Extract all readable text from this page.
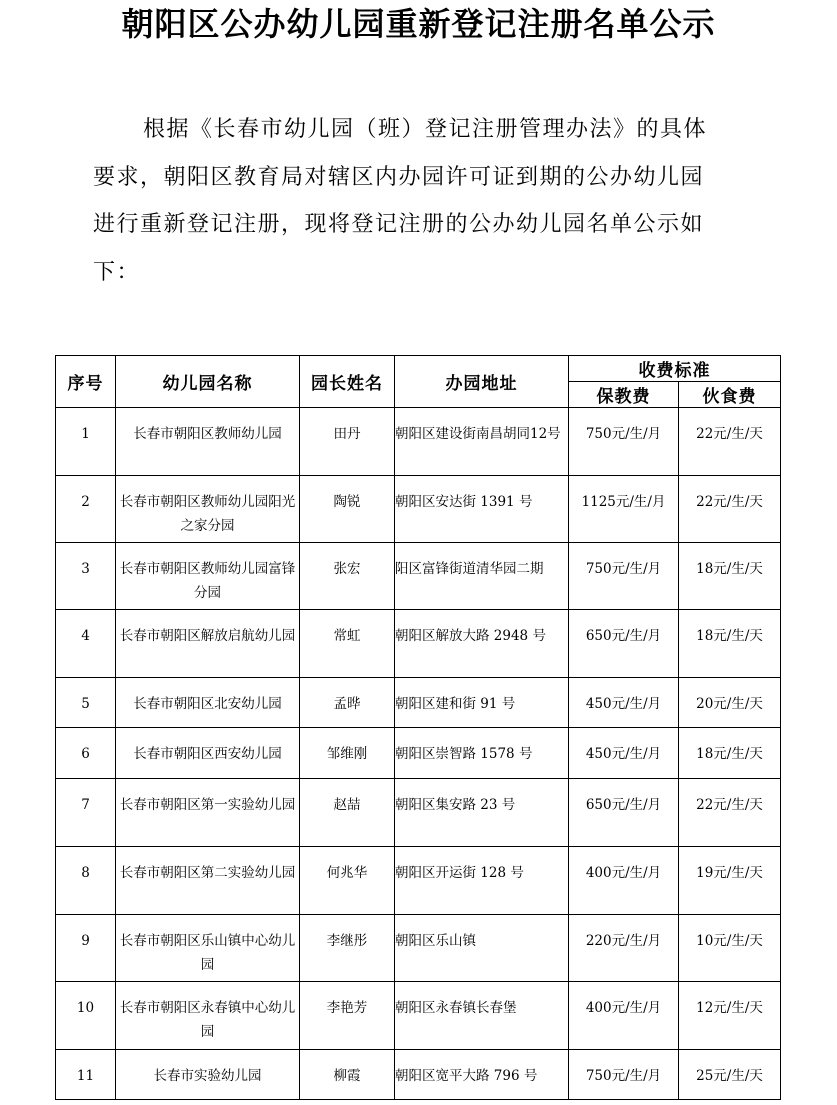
朝阳区公办幼儿园重新登记注册名单公示
根据《长春市幼儿园（班）登记注册管理办法》的具体
要求，朝阳区教育局对辖区内办园许可证到期的公办幼儿园
进行重新登记注册，现将登记注册的公办幼儿园名单公示如
下：
序号	幼儿园名称	园长姓名	办园地址	收费标准	
				保教费	伙食费
1	长春市朝阳区教师幼儿园	田丹	朝阳区建设街南昌胡同12号	750元/生/月	22元/生/天
2	长春市朝阳区教师幼儿园阳光之家分园	陶锐	朝阳区安达街 1391 号	1125元/生/月	22元/生/天
3	长春市朝阳区教师幼儿园富锋分园	张宏	阳区富锋街道清华园二期	750元/生/月	18元/生/天
4	长春市朝阳区解放启航幼儿园	常虹	朝阳区解放大路 2948 号	650元/生/月	18元/生/天
5	长春市朝阳区北安幼儿园	孟晔	朝阳区建和街 91 号	450元/生/月	20元/生/天
6	长春市朝阳区西安幼儿园	邹维刚	朝阳区崇智路 1578 号	450元/生/月	18元/生/天
7	长春市朝阳区第一实验幼儿园	赵喆	朝阳区集安路 23 号	650元/生/月	22元/生/天
8	长春市朝阳区第二实验幼儿园	何兆华	朝阳区开运街 128 号	400元/生/月	19元/生/天
9	长春市朝阳区乐山镇中心幼儿园	李继彤	朝阳区乐山镇	220元/生/月	10元/生/天
10	长春市朝阳区永春镇中心幼儿园	李艳芳	朝阳区永春镇长春堡	400元/生/月	12元/生/天
11	长春市实验幼儿园	柳霞	朝阳区宽平大路 796 号	750元/生/月	25元/生/天
